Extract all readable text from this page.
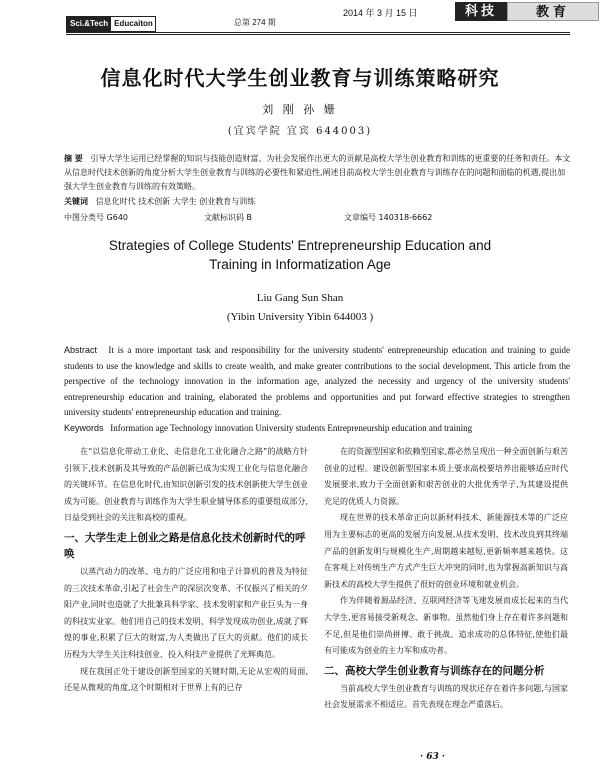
Sci.&Tech Educaiton	总第 274 期
2014 年 3 月 15 日	科技	教育
信息化时代大学生创业教育与训练策略研究
刘 刚 孙 姗
(宜宾学院 宜宾 644003)
摘 要 引导大学生运用已经掌握的知识与技能创造财富、为社会发展作出更大的贡献是高校大学生创业教育和训练的更重要的任务和责任。本文从信息时代技术创新的角度分析大学生创业教育与训练的必要性和紧迫性,阐述目前高校大学生创业教育与训练存在的问题和面临的机遇,提出加强大学生创业教育与训练的有效策略。
关键词 信息化时代 技术创新 大学生 创业教育与训练
中图分类号 G640	文献标识码 B	文章编号 140318-6662
Strategies of College Students' Entrepreneurship Education and
Training in Informatization Age
Liu Gang Sun Shan
(Yibin University Yibin 644003 )
Abstract It is a more important task and responsibility for the university students' entrepreneurship education and training to guide students to use the knowledge and skills to create wealth, and make greater contributions to the social development. This article from the perspective of the technology innovation in the information age, analyzed the necessity and urgency of the university students' entrepreneurship education and training, elaborated the problems and opportunities and put forward effective strategies to strengthen university students' entrepreneurship education and training.
Keywords Information age Technology innovation University students Entrepreneurship education and training

在“以信息化带动工业化、走信息化工业化融合之路”的战略方针引领下,技术创新及其导致的产品创新已成为实现工业化与信息化融合的关键环节。在信息化时代,由知识创新引发的技术创新使大学生创业成为可能。创业教育与训练作为大学生职业辅导体系的重要组成部分,日益受到社会的关注和高校的重视。

一、大学生走上创业之路是信息化技术创新时代的呼唤

以蒸汽动力的改革、电力的广泛应用和电子计算机的普及为特征的三次技术革命,引起了社会生产的深层次变革、不仅振兴了相关的夕阳产业,同时也造就了大批兼具科学家、技术发明家和产业巨头为一身的科技实业家。他们用自己的技术发明、科学发现成功创业,成就了辉煌的事业,积累了巨大的财富,为人类做出了巨大的贡献。他们的成长历程为大学生关注科技创业、投入科技产业提供了光辉典范。

现在我国正处于建设创新型国家的关键时期,无论从宏观的局面,还是从微观的角度,这个时期相对于世界上有的已存

在的资源型国家和依赖型国家,都必然呈现出一种全面创新与艰苦创业的过程。建设创新型国家本质上要求高校要培养出能够适应时代发展要求,致力于全面创新和艰苦创业的大批优秀学子,为其建设提供充足的优质人力资源。

现在世界的技术革命正向以新材料技术、新能源技术等的广泛应用为主要标志的更高的发展方向发展,从技术发明、技术改良到其终端产品的创新发明与规模化生产,周期越来越短,更新频率越来越快。这在客观上对传统生产方式产生巨大冲突的同时,也为掌握高新知识与高新技术的高校大学生提供了很好的创业环境和就业机会。

作为伴随着源品经济、互联网经济等飞速发展而成长起来的当代大学生,更容易接受新观念、新事物。虽然他们身上存在着许多问题和不足,但是他们崇尚拼搏、敢于挑战、追求成功的总体特征,使他们最有可能成为创业的主力军和成功者。

二、高校大学生创业教育与训练存在的问题分析

当前高校大学生创业教育与训练的现状还存在着许多问题,与国家社会发展需求不相适应。首先表现在理念严重落后。

· 63 ·
